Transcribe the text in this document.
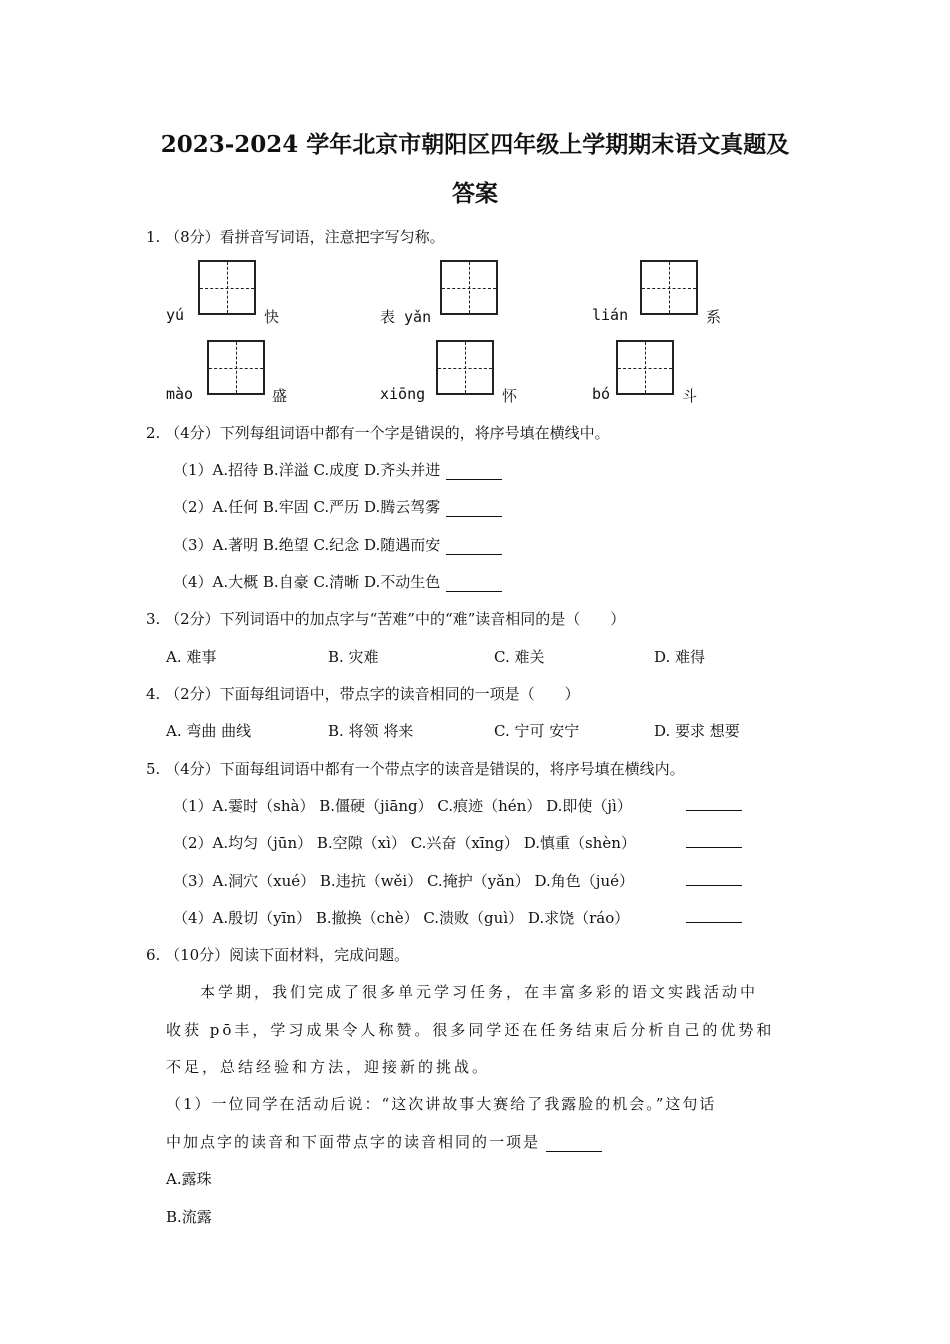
2023-2024 学年北京市朝阳区四年级上学期期末语文真题及
答案
1. （8分）看拼音写词语，注意把字写匀称。
yú	快	表 yǎn	lián	系
mào	盛	xiōng	怀	bó	斗
2. （4分）下列每组词语中都有一个字是错误的，将序号填在横线中。
（1）A.招待 B.洋溢 C.成度 D.齐头并进
（2）A.任何 B.牢固 C.严历 D.腾云驾雾
（3）A.著明 B.绝望 C.纪念 D.随遇而安
（4）A.大概 B.自豪 C.清晰 D.不动生色
3. （2分）下列词语中的加点字与“苦难”中的“难”读音相同的是（　　）
A. 难事	B. 灾难	C. 难关	D. 难得
4. （2分）下面每组词语中，带点字的读音相同的一项是（　　）
A. 弯曲 曲线	B. 将领 将来	C. 宁可 安宁	D. 要求 想要
5. （4分）下面每组词语中都有一个带点字的读音是错误的，将序号填在横线内。
（1）A.霎时（shà） B.僵硬（jiāng） C.痕迹（hén） D.即使（jì）
（2）A.均匀（jūn） B.空隙（xì） C.兴奋（xīng） D.慎重（shèn）
（3）A.洞穴（xué） B.违抗（wěi） C.掩护（yǎn） D.角色（jué）
（4）A.殷切（yīn） B.撤换（chè） C.溃败（guì） D.求饶（ráo）
6. （10分）阅读下面材料，完成问题。
本学期，我们完成了很多单元学习任务，在丰富多彩的语文实践活动中
收获 pō丰，学习成果令人称赞。很多同学还在任务结束后分析自己的优势和
不足，总结经验和方法，迎接新的挑战。
（1）一位同学在活动后说：“这次讲故事大赛给了我露脸的机会。”这句话
中加点字的读音和下面带点字的读音相同的一项是
A.露珠
B.流露
